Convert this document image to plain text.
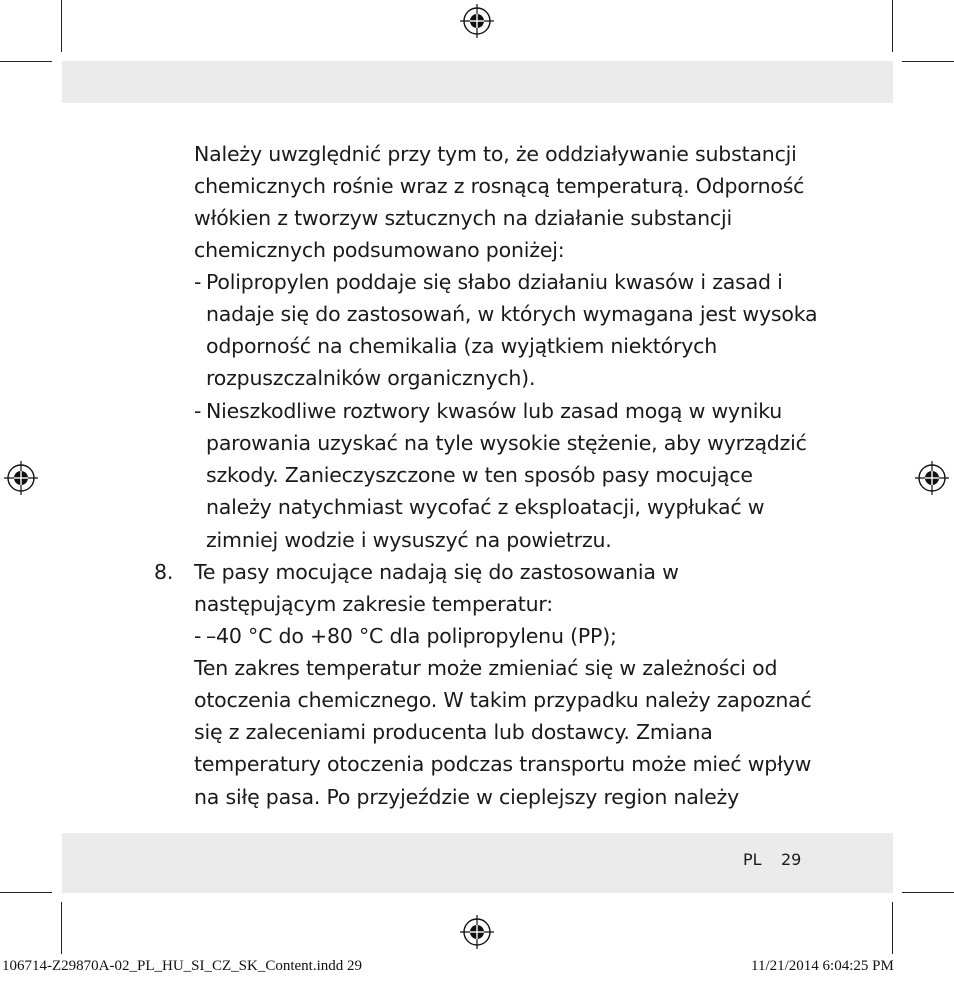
Należy uwzględnić przy tym to, że oddziaływanie substancji
chemicznych rośnie wraz z rosnącą temperaturą. Odporność
włókien z tworzyw sztucznych na działanie substancji
chemicznych podsumowano poniżej:
- Polipropylen poddaje się słabo działaniu kwasów i zasad i
nadaje się do zastosowań, w których wymagana jest wysoka
odporność na chemikalia (za wyjątkiem niektórych
rozpuszczalników organicznych).
- Nieszkodliwe roztwory kwasów lub zasad mogą w wyniku
parowania uzyskać na tyle wysokie stężenie, aby wyrządzić
szkody. Zanieczyszczone w ten sposób pasy mocujące
należy natychmiast wycofać z eksploatacji, wypłukać w
zimniej wodzie i wysuszyć na powietrzu.
8. Te pasy mocujące nadają się do zastosowania w
następującym zakresie temperatur:
- –40 °C do +80 °C dla polipropylenu (PP);
Ten zakres temperatur może zmieniać się w zależności od
otoczenia chemicznego. W takim przypadku należy zapoznać
się z zaleceniami producenta lub dostawcy. Zmiana
temperatury otoczenia podczas transportu może mieć wpływ
na siłę pasa. Po przyjeździe w cieplejszy region należy
PL 29
106714-Z29870A-02_PL_HU_SI_CZ_SK_Content.indd 29	11/21/2014 6:04:25 PM
